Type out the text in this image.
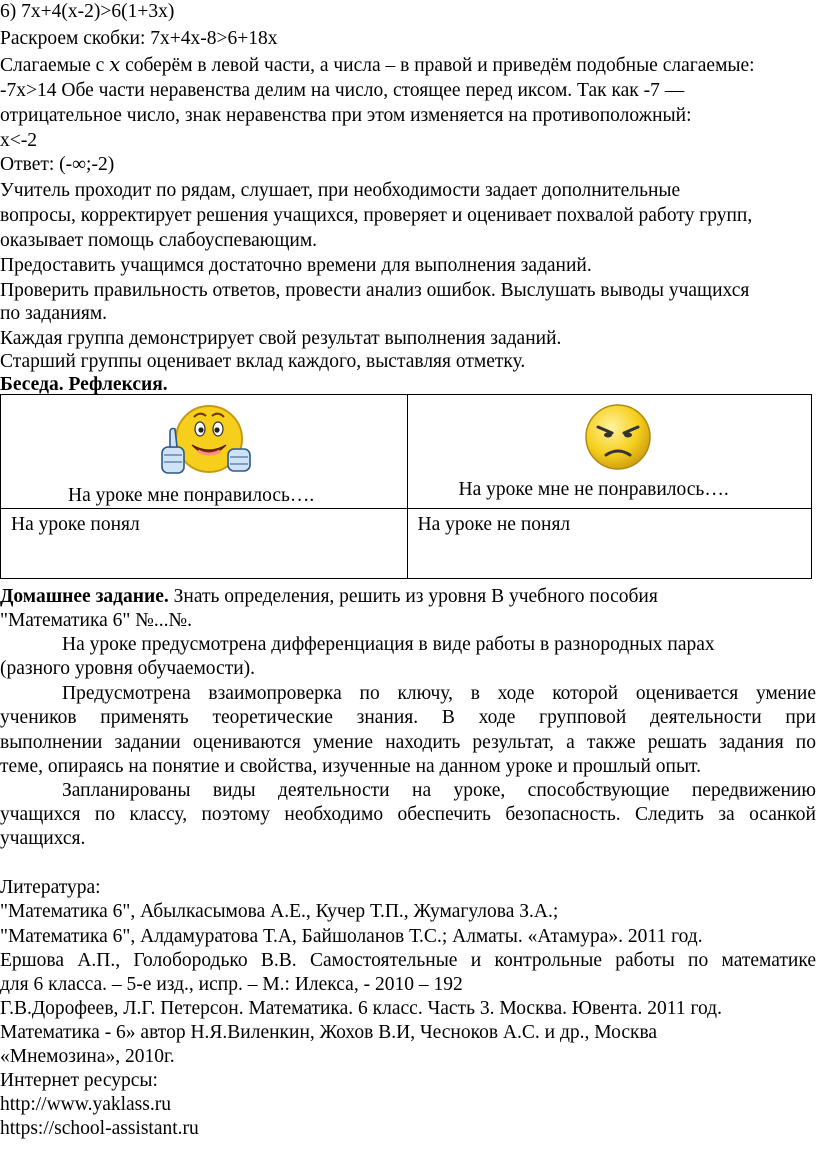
6) 7х+4(х-2)>6(1+3х)
Раскроем скобки: 7х+4х-8>6+18х
Слагаемые с 𝑥 соберём в левой части, а числа – в правой и приведём подобные слагаемые:
-7х>14 Обе части неравенства делим на число, стоящее перед иксом. Так как -7 —
отрицательное число, знак неравенства при этом изменяется на противоположный:
x<-2
Ответ: (-∞;-2)
Учитель проходит по рядам, слушает, при необходимости задает дополнительные
вопросы, корректирует решения учащихся, проверяет и оценивает похвалой работу групп,
оказывает помощь слабоуспевающим.
Предоставить учащимся достаточно времени для выполнения заданий.
Проверить правильность ответов, провести анализ ошибок. Выслушать выводы учащихся
по заданиям.
Каждая группа демонстрирует свой результат выполнения заданий.
Старший группы оценивает вклад каждого, выставляя отметку.
Беседа. Рефлексия.
На уроке мне понравилось….	На уроке мне не понравилось….

На уроке понял	На уроке не понял
Домашнее задание. Знать определения, решить из уровня В учебного пособия
"Математика 6" №...№.
На уроке предусмотрена дифференциация в виде работы в разнородных парах
(разного уровня обучаемости).
Предусмотрена взаимопроверка по ключу, в ходе которой оценивается умение
учеников применять теоретические знания. В ходе групповой деятельности при
выполнении задании оцениваются умение находить результат, а также решать задания по
теме, опираясь на понятие и свойства, изученные на данном уроке и прошлый опыт.
Запланированы виды деятельности на уроке, способствующие передвижению
учащихся по классу, поэтому необходимо обеспечить безопасность. Следить за осанкой
учащихся.
Литература:
"Математика 6", Абылкасымова А.Е., Кучер Т.П., Жумагулова З.А.;
"Математика 6", Алдамуратова Т.А, Байшоланов Т.С.; Алматы. «Атамура». 2011 год.
Ершова А.П., Голобородько В.В. Самостоятельные и контрольные работы по математике
для 6 класса. – 5-е изд., испр. – М.: Илекса, - 2010 – 192
Г.В.Дорофеев, Л.Г. Петерсон. Математика. 6 класс. Часть 3. Москва. Ювента. 2011 год.
Математика - 6» автор Н.Я.Виленкин, Жохов В.И, Чесноков А.С. и др., Москва
«Мнемозина», 2010г.
Интернет ресурсы:
http://www.yaklass.ru
https://school-assistant.ru
